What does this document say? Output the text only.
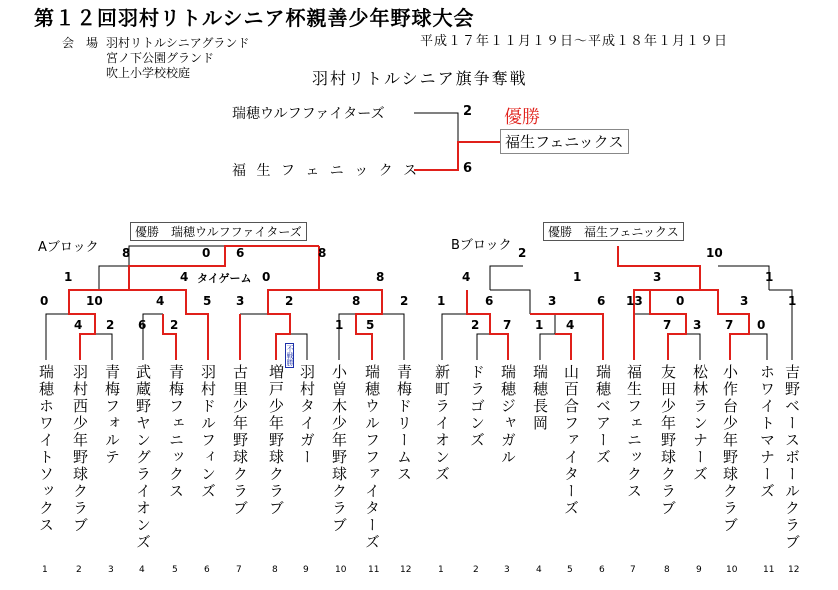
第１２回羽村リトルシニア杯親善少年野球大会
会　場 羽村リトルシニアグランド
宮ノ下公園グランド
吹上小学校校庭
平成１７年１１月１９日～平成１８年１月１９日
羽村リトルシニア旗争奪戦
瑞穂ウルフファイターズ
福 生 フ ェ ニ ッ ク ス
2
6
優勝
福生フェニックス
Aブロック	Bブロック
優勝　瑞穂ウルフファイターズ	優勝　福生フェニックス
タイゲーム
不戦勝
4 2 6 2	1 5
0	10	4	5 3	2	8	2
1	4	0	8
8	0 6	8
2 7 1 4	7 3 7 0
1	6	3	6 13	0	3	1
4	1	3	1
2	10
瑞穂ホワイトソックス
1
羽村西少年野球クラブ
2
青梅フォルテ
3
武蔵野ヤングライオンズ
4
青梅フェニックス
5
羽村ドルフィンズ
6
古里少年野球クラブ
7
増戸少年野球クラブ
8
羽村タイガー
9
小曽木少年野球クラブ
10
瑞穂ウルフファイターズ
11
青梅ドリームス
12
新町ライオンズ
1
ドラゴンズ
2
瑞穂ジャガル
3
瑞穂長岡
4
山百合ファイターズ
5
瑞穂ベアーズ
6
福生フェニックス
7
友田少年野球クラブ
8
松林ランナーズ
9
小作台少年野球クラブ
10
ホワイトマナーズ
11
吉野ベースボールクラブ
12
